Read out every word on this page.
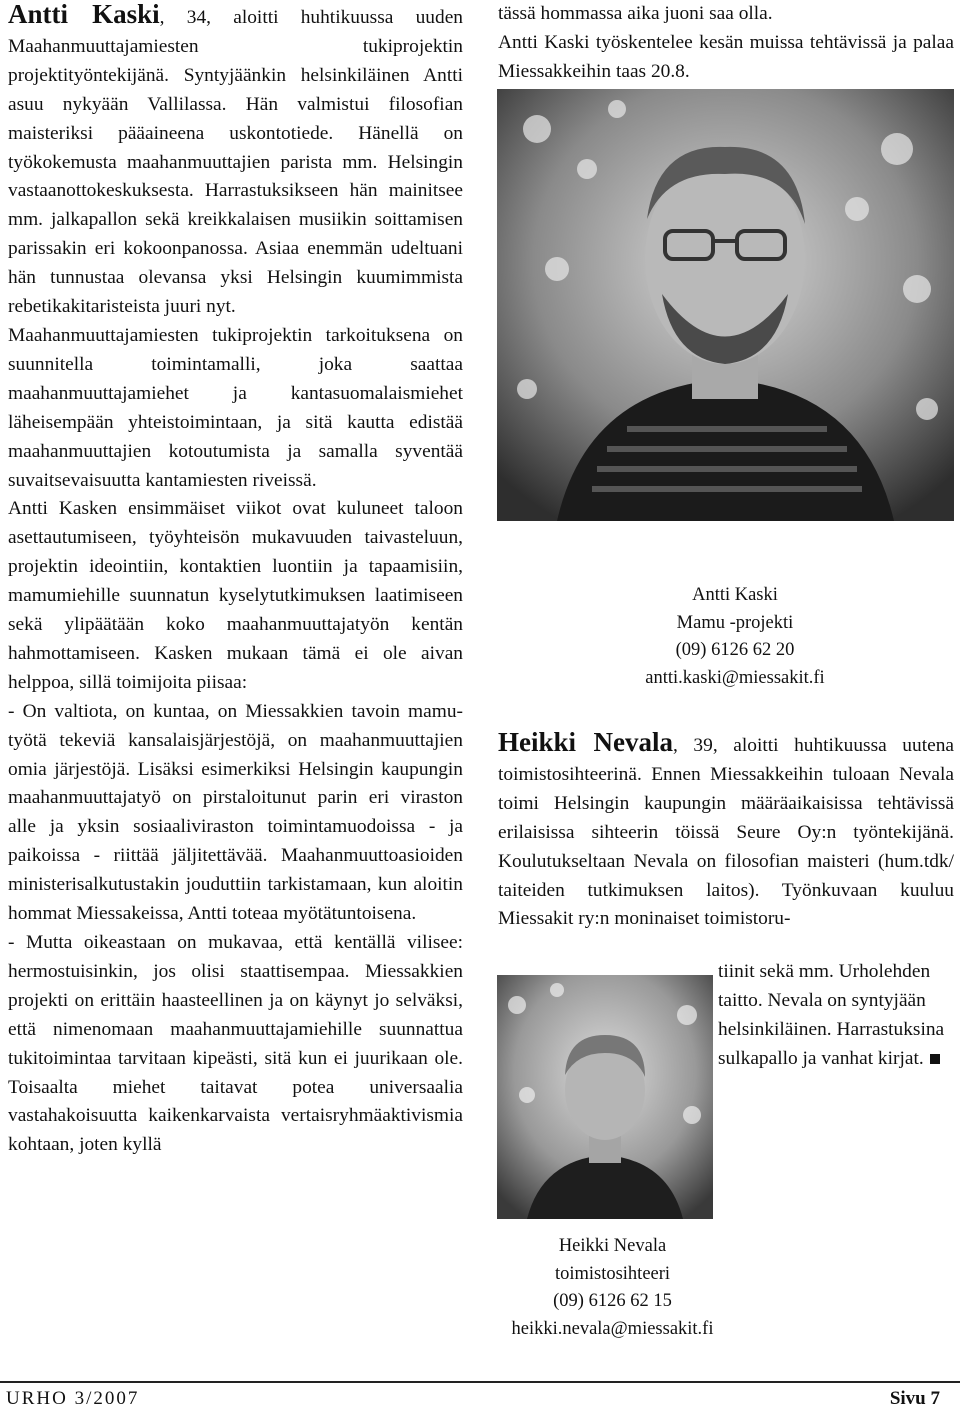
Antti Kaski, 34, aloitti huhtikuussa uuden Maahanmuuttajamiesten tukiprojektin projektityöntekijänä. Syntyjäänkin helsinkiläinen Antti asuu nykyään Vallilassa. Hän valmistui filosofian maisteriksi pääaineena uskontotiede. Hänellä on työkokemusta maahanmuuttajien parista mm. Helsingin vastaanottokeskuksesta. Harrastuksikseen hän mainitsee mm. jalkapallon sekä kreikkalaisen musiikin soittamisen parissakin eri kokoonpanossa. Asiaa enemmän udeltuani hän tunnustaa olevansa yksi Helsingin kuumimmista rebetikakitaristeista juuri nyt.

Maahanmuuttajamiesten tukiprojektin tarkoituksena on suunnitella toimintamalli, joka saattaa maahanmuuttajamiehet ja kantasuomalaismiehet läheisempään yhteistoimintaan, ja sitä kautta edistää maahanmuuttajien kotoutumista ja samalla syventää suvaitsevaisuutta kantamiesten riveissä.

Antti Kasken ensimmäiset viikot ovat kuluneet taloon asettautumiseen, työyhteisön mukavuuden taivasteluun, projektin ideointiin, kontaktien luontiin ja tapaamisiin, mamumiehille suunnatun kyselytutkimuksen laatimiseen sekä ylipäätään koko maahanmuuttajatyön kentän hahmottamiseen. Kasken mukaan tämä ei ole aivan helppoa, sillä toimijoita piisaa:

- On valtiota, on kuntaa, on Miessakkien tavoin mamu-työtä tekeviä kansalaisjärjestöjä, on maahanmuuttajien omia järjestöjä. Lisäksi esimerkiksi Helsingin kaupungin maahanmuuttajatyö on pirstaloitunut parin eri viraston alle ja yksin sosiaaliviraston toimintamuodoissa - ja paikoissa - riittää jäljitettävää. Maahanmuuttoasioiden ministerisalkutustakin jouduttiin tarkistamaan, kun aloitin hommat Miessakeissa, Antti toteaa myötätuntoisena.

- Mutta oikeastaan on mukavaa, että kentällä vilisee: hermostuisinkin, jos olisi staattisempaa. Miessakkien projekti on erittäin haasteellinen ja on käynyt jo selväksi, että nimenomaan maahanmuuttajamiehille suunnattua tukitoimintaa tarvitaan kipeästi, sitä kun ei juurikaan ole. Toisaalta miehet taitavat potea universaalia vastahakoisuutta kaikenkarvaista vertaisryhmäaktivismia kohtaan, joten kyllä

tässä hommassa aika juoni saa olla.

Antti Kaski työskentelee kesän muissa tehtävissä ja palaa Miessakkeihin taas 20.8.

Antti Kaski
Mamu -projekti
(09) 6126 62 20
antti.kaski@miessakit.fi

Heikki Nevala, 39, aloitti huhtikuussa uutena toimistosihteerinä. Ennen Miessakkeihin tuloaan Nevala toimi Helsingin kaupungin määräaikaisissa tehtävissä erilaisissa sihteerin töissä Seure Oy:n työntekijänä. Koulutukseltaan Nevala on filosofian maisteri (hum.tdk/ taiteiden tutkimuksen laitos). Työnkuvaan kuuluu Miessakit ry:n moninaiset toimistoru-

tiinit sekä mm. Urholehden taitto. Nevala on syntyjään helsinkiläinen. Harrastuksina sulkapallo ja vanhat kirjat.

Heikki Nevala
toimistosihteeri
(09) 6126 62 15
heikki.nevala@miessakit.fi
URHO 3/2007	Sivu 7
